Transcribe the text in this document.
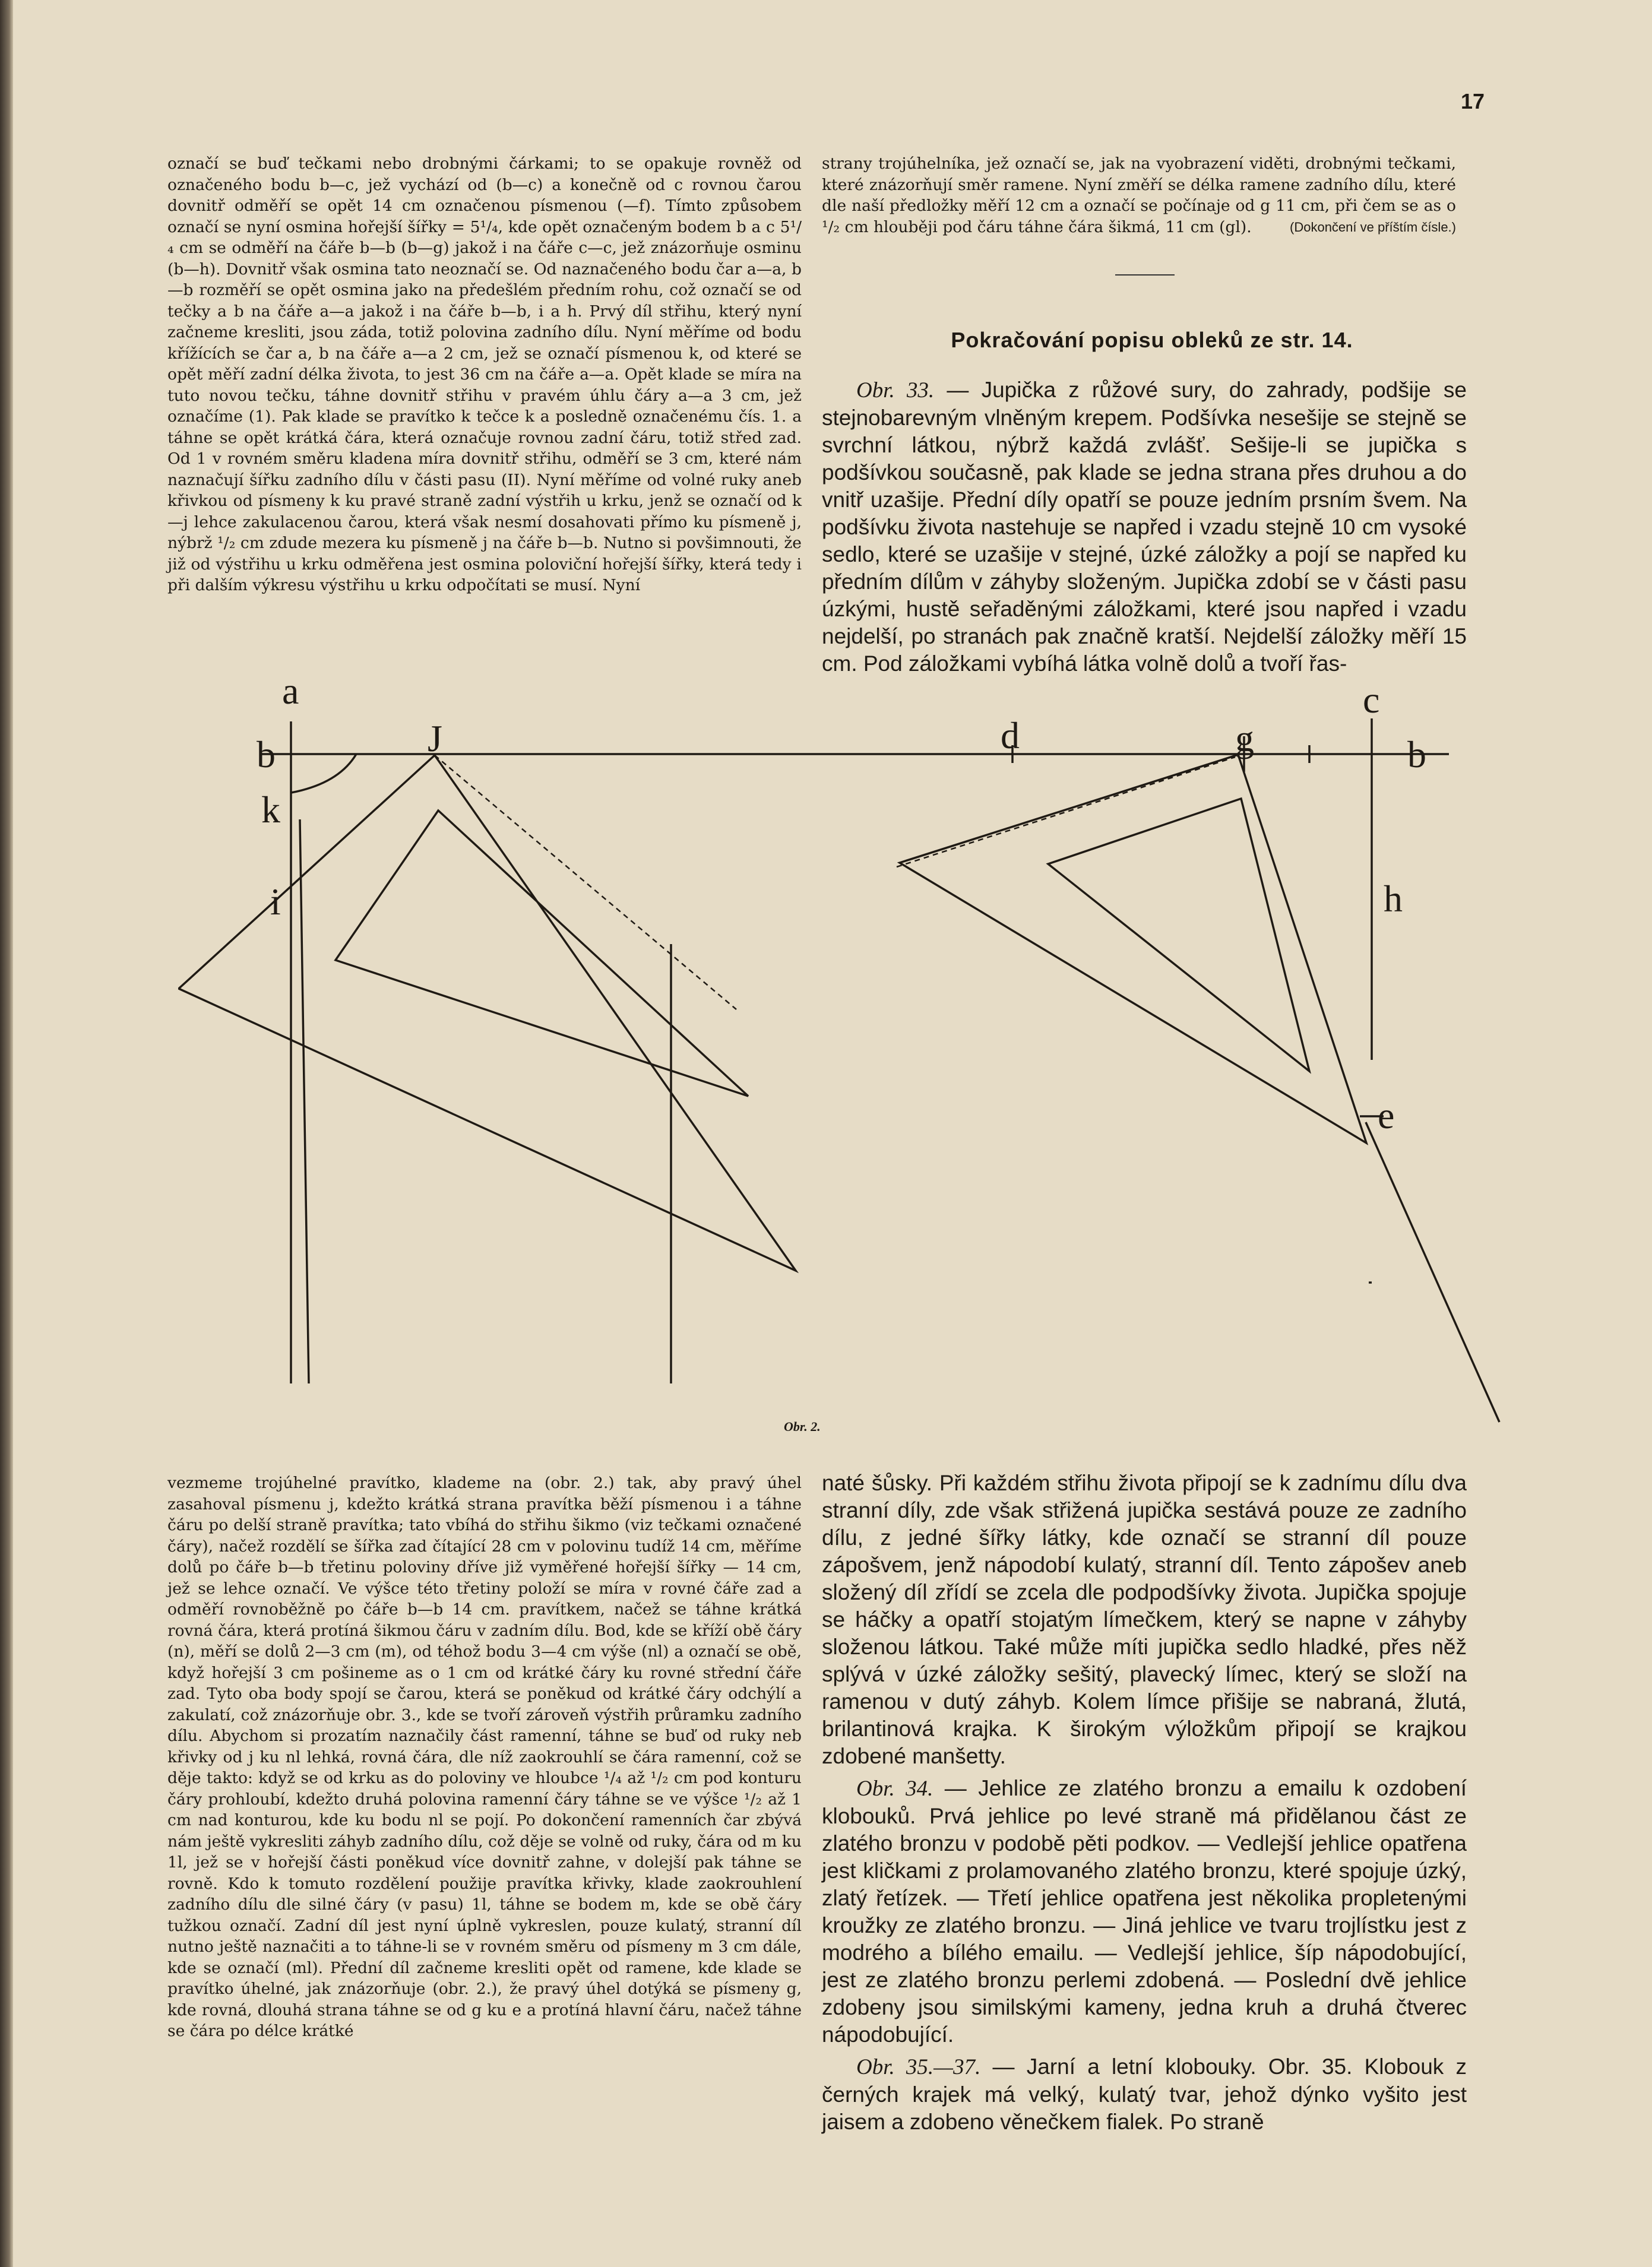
17

označí se buď tečkami nebo drobnými čárkami; to se opakuje rovněž od označeného bodu b—c, jež vychází od (b—c) a konečně od c rovnou čarou dovnitř odměří se opět 14 cm označenou písmenou (—f). Tímto způsobem označí se nyní osmina hořejší šířky = 5¹/₄, kde opět označeným bodem b a c 5¹/₄ cm se odměří na čáře b—b (b—g) jakož i na čáře c—c, jež znázorňuje osminu (b—h). Dovnitř však osmina tato neoznačí se. Od naznačeného bodu čar a—a, b—b rozměří se opět osmina jako na předešlém předním rohu, což označí se od tečky a b na čáře a—a jakož i na čáře b—b, i a h. Prvý díl střihu, který nyní začneme kresliti, jsou záda, totiž polovina zadního dílu. Nyní měříme od bodu křížících se čar a, b na čáře a—a 2 cm, jež se označí písmenou k, od které se opět měří zadní délka života, to jest 36 cm na čáře a—a. Opět klade se míra na tuto novou tečku, táhne dovnitř střihu v pravém úhlu čáry a—a 3 cm, jež označíme (1). Pak klade se pravítko k tečce k a posledně označenému čís. 1. a táhne se opět krátká čára, která označuje rovnou zadní čáru, totiž střed zad. Od 1 v rovném směru kladena míra dovnitř střihu, odměří se 3 cm, které nám naznačují šířku zadního dílu v části pasu (II). Nyní měříme od volné ruky aneb křivkou od písmeny k ku pravé straně zadní výstřih u krku, jenž se označí od k—j lehce zakulacenou čarou, která však nesmí dosahovati přímo ku písmeně j, nýbrž ¹/₂ cm zdude mezera ku písmeně j na čáře b—b. Nutno si povšimnouti, že již od výstřihu u krku odměřena jest osmina poloviční hořejší šířky, která tedy i při dalším výkresu výstřihu u krku odpočítati se musí. Nyní

strany trojúhelníka, jež označí se, jak na vyobrazení viděti, drobnými tečkami, které znázorňují směr ramene. Nyní změří se délka ramene zadního dílu, které dle naší předložky měří 12 cm a označí se počínaje od g 11 cm, při čem se as o ¹/₂ cm hlouběji pod čáru táhne čára šikmá, 11 cm (gl).	(Dokončení ve příštím čísle.)

Pokračování popisu obleků ze str. 14.

Obr. 33. — Jupička z růžové sury, do zahrady, podšije se stejnobarevným vlněným krepem. Podšívka nesešije se stejně se svrchní látkou, nýbrž každá zvlášť. Sešije-li se jupička s podšívkou současně, pak klade se jedna strana přes druhou a do vnitř uzašije. Přední díly opatří se pouze jedním prsním švem. Na podšívku života nastehuje se napřed i vzadu stejně 10 cm vysoké sedlo, které se uzašije v stejné, úzké záložky a pojí se napřed ku předním dílům v záhyby složeným. Jupička zdobí se v části pasu úzkými, hustě seřaděnými záložkami, které jsou napřed i vzadu nejdelší, po stranách pak značně kratší. Nejdelší záložky měří 15 cm. Pod záložkami vybíhá látka volně dolů a tvoří řas-

a
b	J
k
i
d	g
c
b
h
e
Obr. 2.

vezmeme trojúhelné pravítko, klademe na (obr. 2.) tak, aby pravý úhel zasahoval písmenu j, kdežto krátká strana pravítka běží písmenou i a táhne čáru po delší straně pravítka; tato vbíhá do střihu šikmo (viz tečkami označené čáry), načež rozdělí se šířka zad čítající 28 cm v polovinu tudíž 14 cm, měříme dolů po čáře b—b třetinu poloviny dříve již vyměřené hořejší šířky — 14 cm, jež se lehce označí. Ve výšce této třetiny položí se míra v rovné čáře zad a odměří rovnoběžně po čáře b—b 14 cm. pravítkem, načež se táhne krátká rovná čára, která protíná šikmou čáru v zadním dílu. Bod, kde se kříží obě čáry (n), měří se dolů 2—3 cm (m), od téhož bodu 3—4 cm výše (nl) a označí se obě, když hořejší 3 cm pošineme as o 1 cm od krátké čáry ku rovné střední čáře zad. Tyto oba body spojí se čarou, která se poněkud od krátké čáry odchýlí a zakulatí, což znázorňuje obr. 3., kde se tvoří zároveň výstřih průramku zadního dílu. Abychom si prozatím naznačily část ramenní, táhne se buď od ruky neb křivky od j ku nl lehká, rovná čára, dle níž zaokrouhlí se čára ramenní, což se děje takto: když se od krku as do poloviny ve hloubce ¹/₄ až ¹/₂ cm pod konturu čáry prohloubí, kdežto druhá polovina ramenní čáry táhne se ve výšce ¹/₂ až 1 cm nad konturou, kde ku bodu nl se pojí. Po dokončení ramenních čar zbývá nám ještě vykresliti záhyb zadního dílu, což děje se volně od ruky, čára od m ku 1l, jež se v hořejší části poněkud více dovnitř zahne, v dolejší pak táhne se rovně. Kdo k tomuto rozdělení použije pravítka křivky, klade zaokrouhlení zadního dílu dle silné čáry (v pasu) 1l, táhne se bodem m, kde se obě čáry tužkou označí. Zadní díl jest nyní úplně vykreslen, pouze kulatý, stranní díl nutno ještě naznačiti a to táhne-li se v rovném směru od písmeny m 3 cm dále, kde se označí (ml). Přední díl začneme kresliti opět od ramene, kde klade se pravítko úhelné, jak znázorňuje (obr. 2.), že pravý úhel dotýká se písmeny g, kde rovná, dlouhá strana táhne se od g ku e a protíná hlavní čáru, načež táhne se čára po délce krátké

naté šůsky. Při každém střihu života připojí se k zadnímu dílu dva stranní díly, zde však střižená jupička sestává pouze ze zadního dílu, z jedné šířky látky, kde označí se stranní díl pouze zápošvem, jenž nápodobí kulatý, stranní díl. Tento zápošev aneb složený díl zřídí se zcela dle podpodšívky života. Jupička spojuje se háčky a opatří stojatým límečkem, který se napne v záhyby složenou látkou. Také může míti jupička sedlo hladké, přes něž splývá v úzké záložky sešitý, plavecký límec, který se složí na ramenou v dutý záhyb. Kolem límce přišije se nabraná, žlutá, brilantinová krajka. K širokým výložkům připojí se krajkou zdobené manšetty.

Obr. 34. — Jehlice ze zlatého bronzu a emailu k ozdobení klobouků. Prvá jehlice po levé straně má přidělanou část ze zlatého bronzu v podobě pěti podkov. — Vedlejší jehlice opatřena jest kličkami z prolamovaného zlatého bronzu, které spojuje úzký, zlatý řetízek. — Třetí jehlice opatřena jest několika propletenými kroužky ze zlatého bronzu. — Jiná jehlice ve tvaru trojlístku jest z modrého a bílého emailu. — Vedlejší jehlice, šíp nápodobující, jest ze zlatého bronzu perlemi zdobená. — Poslední dvě jehlice zdobeny jsou similskými kameny, jedna kruh a druhá čtverec nápodobující.

Obr. 35.—37. — Jarní a letní klobouky. Obr. 35. Klobouk z černých krajek má velký, kulatý tvar, jehož dýnko vyšito jest jaisem a zdobeno věnečkem fialek. Po straně
